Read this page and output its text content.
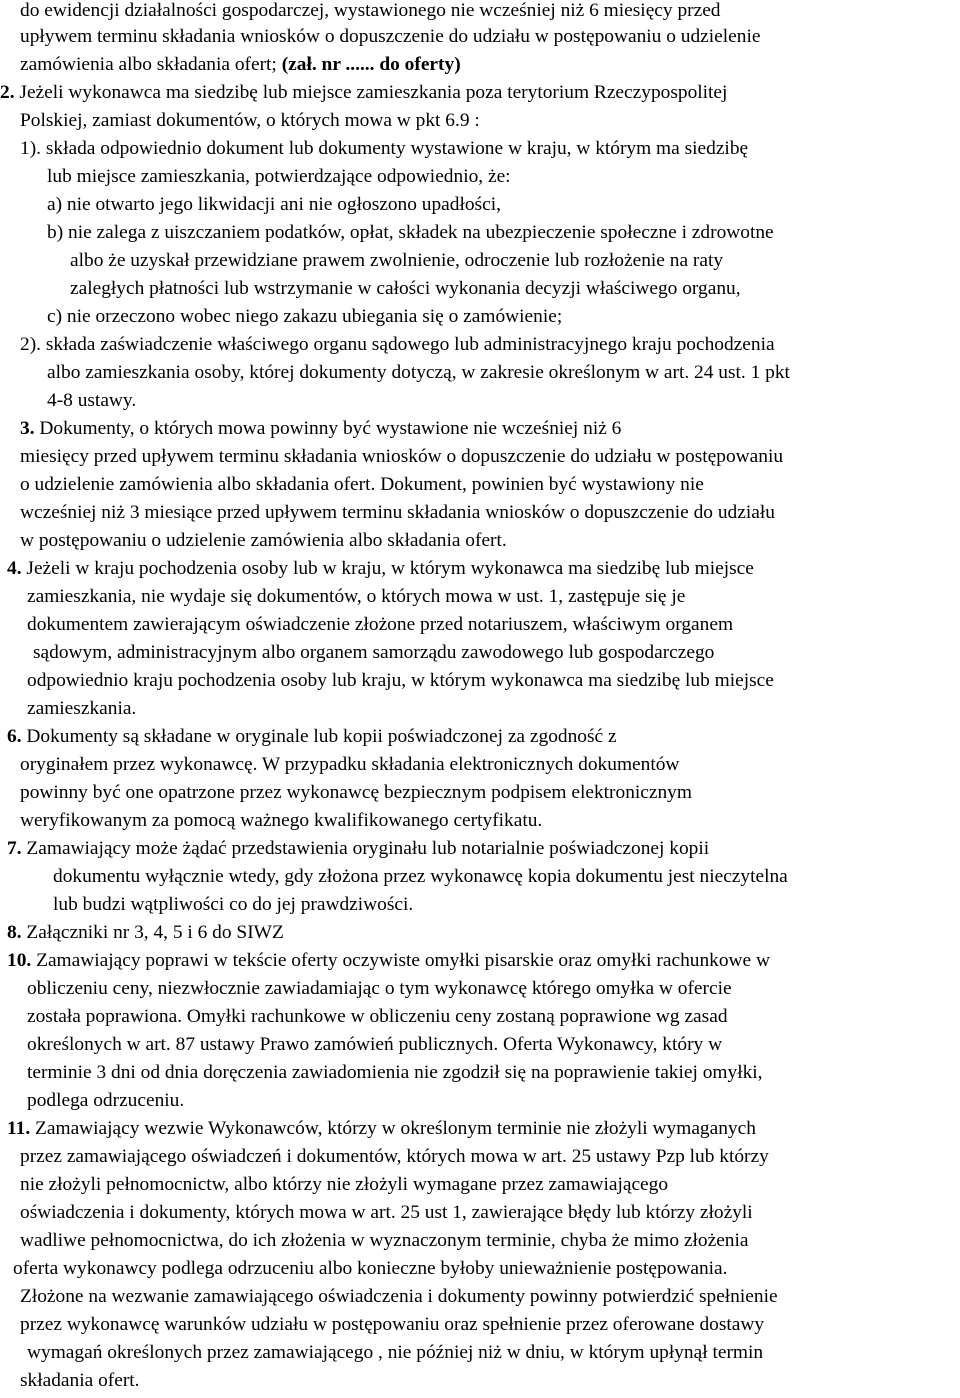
do ewidencji działalności gospodarczej, wystawionego nie wcześniej niż 6 miesięcy przed
upływem terminu składania wniosków o dopuszczenie do udziału w postępowaniu o udzielenie
zamówienia albo składania ofert; (zał. nr ...... do oferty)
2. Jeżeli wykonawca ma siedzibę lub miejsce zamieszkania poza terytorium Rzeczypospolitej
Polskiej, zamiast dokumentów, o których mowa w pkt 6.9 :
1). składa odpowiednio dokument lub dokumenty wystawione w kraju, w którym ma siedzibę
lub miejsce zamieszkania, potwierdzające odpowiednio, że:
a) nie otwarto jego likwidacji ani nie ogłoszono upadłości,
b) nie zalega z uiszczaniem podatków, opłat, składek na ubezpieczenie społeczne i zdrowotne
albo że uzyskał przewidziane prawem zwolnienie, odroczenie lub rozłożenie na raty
zaległych płatności lub wstrzymanie w całości wykonania decyzji właściwego organu,
c) nie orzeczono wobec niego zakazu ubiegania się o zamówienie;
2). składa zaświadczenie właściwego organu sądowego lub administracyjnego kraju pochodzenia
albo zamieszkania osoby, której dokumenty dotyczą, w zakresie określonym w art. 24 ust. 1 pkt
4-8 ustawy.
3. Dokumenty, o których mowa powinny być wystawione nie wcześniej niż 6
miesięcy przed upływem terminu składania wniosków o dopuszczenie do udziału w postępowaniu
o udzielenie zamówienia albo składania ofert. Dokument, powinien być wystawiony nie
wcześniej niż 3 miesiące przed upływem terminu składania wniosków o dopuszczenie do udziału
w postępowaniu o udzielenie zamówienia albo składania ofert.
4. Jeżeli w kraju pochodzenia osoby lub w kraju, w którym wykonawca ma siedzibę lub miejsce
zamieszkania, nie wydaje się dokumentów, o których mowa w ust. 1, zastępuje się je
dokumentem zawierającym oświadczenie złożone przed notariuszem, właściwym organem
sądowym, administracyjnym albo organem samorządu zawodowego lub gospodarczego
odpowiednio kraju pochodzenia osoby lub kraju, w którym wykonawca ma siedzibę lub miejsce
zamieszkania.
6. Dokumenty są składane w oryginale lub kopii poświadczonej za zgodność z
oryginałem przez wykonawcę. W przypadku składania elektronicznych dokumentów
powinny być one opatrzone przez wykonawcę bezpiecznym podpisem elektronicznym
weryfikowanym za pomocą ważnego kwalifikowanego certyfikatu.
7. Zamawiający może żądać przedstawienia oryginału lub notarialnie poświadczonej kopii
dokumentu wyłącznie wtedy, gdy złożona przez wykonawcę kopia dokumentu jest nieczytelna
lub budzi wątpliwości co do jej prawdziwości.
8. Załączniki nr 3, 4, 5 i 6 do SIWZ
10. Zamawiający poprawi w tekście oferty oczywiste omyłki pisarskie oraz omyłki rachunkowe w
obliczeniu ceny, niezwłocznie zawiadamiając o tym wykonawcę którego omyłka w ofercie
została poprawiona. Omyłki rachunkowe w obliczeniu ceny zostaną poprawione wg zasad
określonych w art. 87 ustawy Prawo zamówień publicznych. Oferta Wykonawcy, który w
terminie 3 dni od dnia doręczenia zawiadomienia nie zgodził się na poprawienie takiej omyłki,
podlega odrzuceniu.
11. Zamawiający wezwie Wykonawców, którzy w określonym terminie nie złożyli wymaganych
przez zamawiającego oświadczeń i dokumentów, których mowa w art. 25 ustawy Pzp lub którzy
nie złożyli pełnomocnictw, albo którzy nie złożyli wymagane przez zamawiającego
oświadczenia i dokumenty, których mowa w art. 25 ust 1, zawierające błędy lub którzy złożyli
wadliwe pełnomocnictwa, do ich złożenia w wyznaczonym terminie, chyba że mimo złożenia
oferta wykonawcy podlega odrzuceniu albo konieczne byłoby unieważnienie postępowania.
Złożone na wezwanie zamawiającego oświadczenia i dokumenty powinny potwierdzić spełnienie
przez wykonawcę warunków udziału w postępowaniu oraz spełnienie przez oferowane dostawy
wymagań określonych przez zamawiającego , nie później niż w dniu, w którym upłynął termin
składania ofert.
